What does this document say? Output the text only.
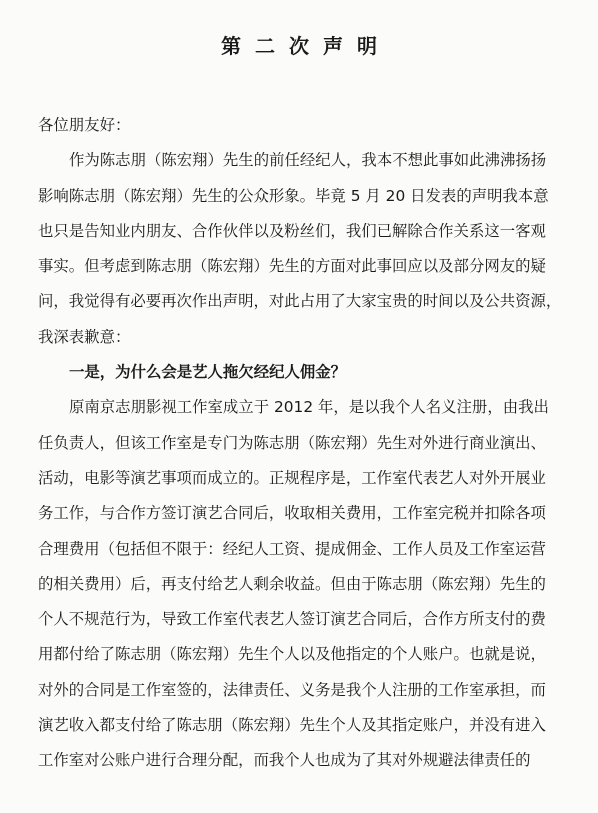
第二次声明
各位朋友好：
作为陈志朋（陈宏翔）先生的前任经纪人，我本不想此事如此沸沸扬扬
影响陈志朋（陈宏翔）先生的公众形象。毕竟 5 月 20 日发表的声明我本意
也只是告知业内朋友、合作伙伴以及粉丝们，我们已解除合作关系这一客观
事实。但考虑到陈志朋（陈宏翔）先生的方面对此事回应以及部分网友的疑
问，我觉得有必要再次作出声明，对此占用了大家宝贵的时间以及公共资源，
我深表歉意：
一是，为什么会是艺人拖欠经纪人佣金？
原南京志朋影视工作室成立于 2012 年，是以我个人名义注册，由我出
任负责人，但该工作室是专门为陈志朋（陈宏翔）先生对外进行商业演出、
活动，电影等演艺事项而成立的。正规程序是，工作室代表艺人对外开展业
务工作，与合作方签订演艺合同后，收取相关费用，工作室完税并扣除各项
合理费用（包括但不限于：经纪人工资、提成佣金、工作人员及工作室运营
的相关费用）后，再支付给艺人剩余收益。但由于陈志朋（陈宏翔）先生的
个人不规范行为，导致工作室代表艺人签订演艺合同后，合作方所支付的费
用都付给了陈志朋（陈宏翔）先生个人以及他指定的个人账户。也就是说，
对外的合同是工作室签的，法律责任、义务是我个人注册的工作室承担，而
演艺收入都支付给了陈志朋（陈宏翔）先生个人及其指定账户，并没有进入
工作室对公账户进行合理分配，而我个人也成为了其对外规避法律责任的
